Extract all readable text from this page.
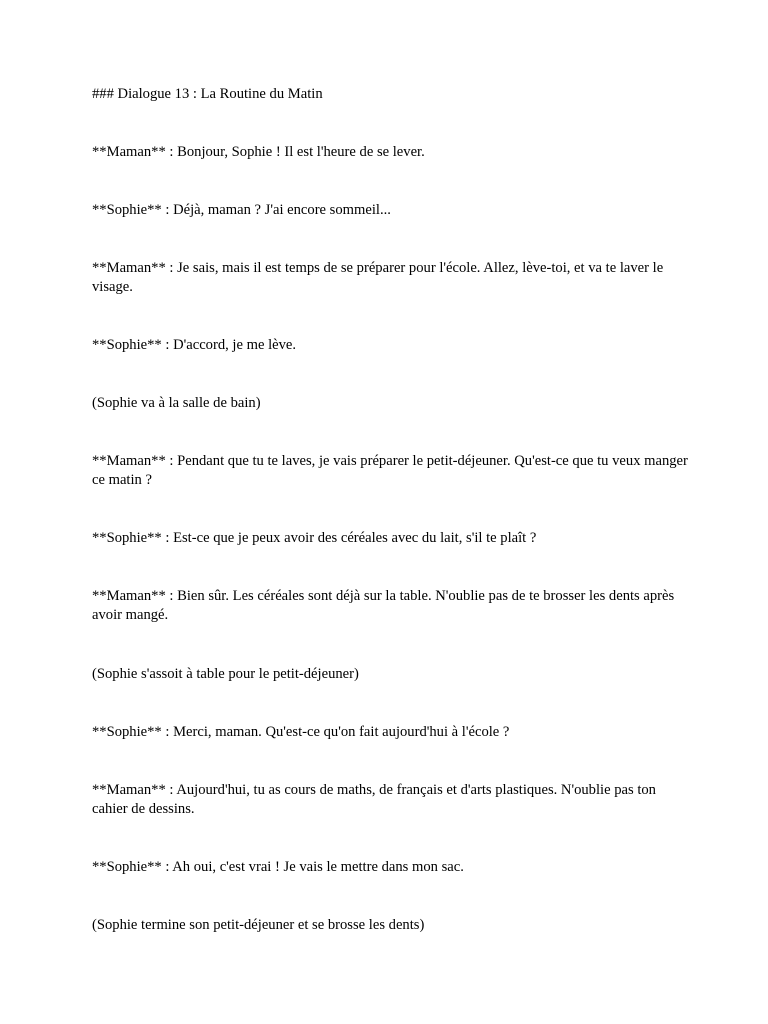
### Dialogue 13 : La Routine du Matin

**Maman** : Bonjour, Sophie ! Il est l'heure de se lever.

**Sophie** : Déjà, maman ? J'ai encore sommeil...

**Maman** : Je sais, mais il est temps de se préparer pour l'école. Allez, lève-toi, et va te laver le visage.

**Sophie** : D'accord, je me lève.

(Sophie va à la salle de bain)

**Maman** : Pendant que tu te laves, je vais préparer le petit-déjeuner. Qu'est-ce que tu veux manger ce matin ?

**Sophie** : Est-ce que je peux avoir des céréales avec du lait, s'il te plaît ?

**Maman** : Bien sûr. Les céréales sont déjà sur la table. N'oublie pas de te brosser les dents après avoir mangé.

(Sophie s'assoit à table pour le petit-déjeuner)

**Sophie** : Merci, maman. Qu'est-ce qu'on fait aujourd'hui à l'école ?

**Maman** : Aujourd'hui, tu as cours de maths, de français et d'arts plastiques. N'oublie pas ton cahier de dessins.

**Sophie** : Ah oui, c'est vrai ! Je vais le mettre dans mon sac.

(Sophie termine son petit-déjeuner et se brosse les dents)
